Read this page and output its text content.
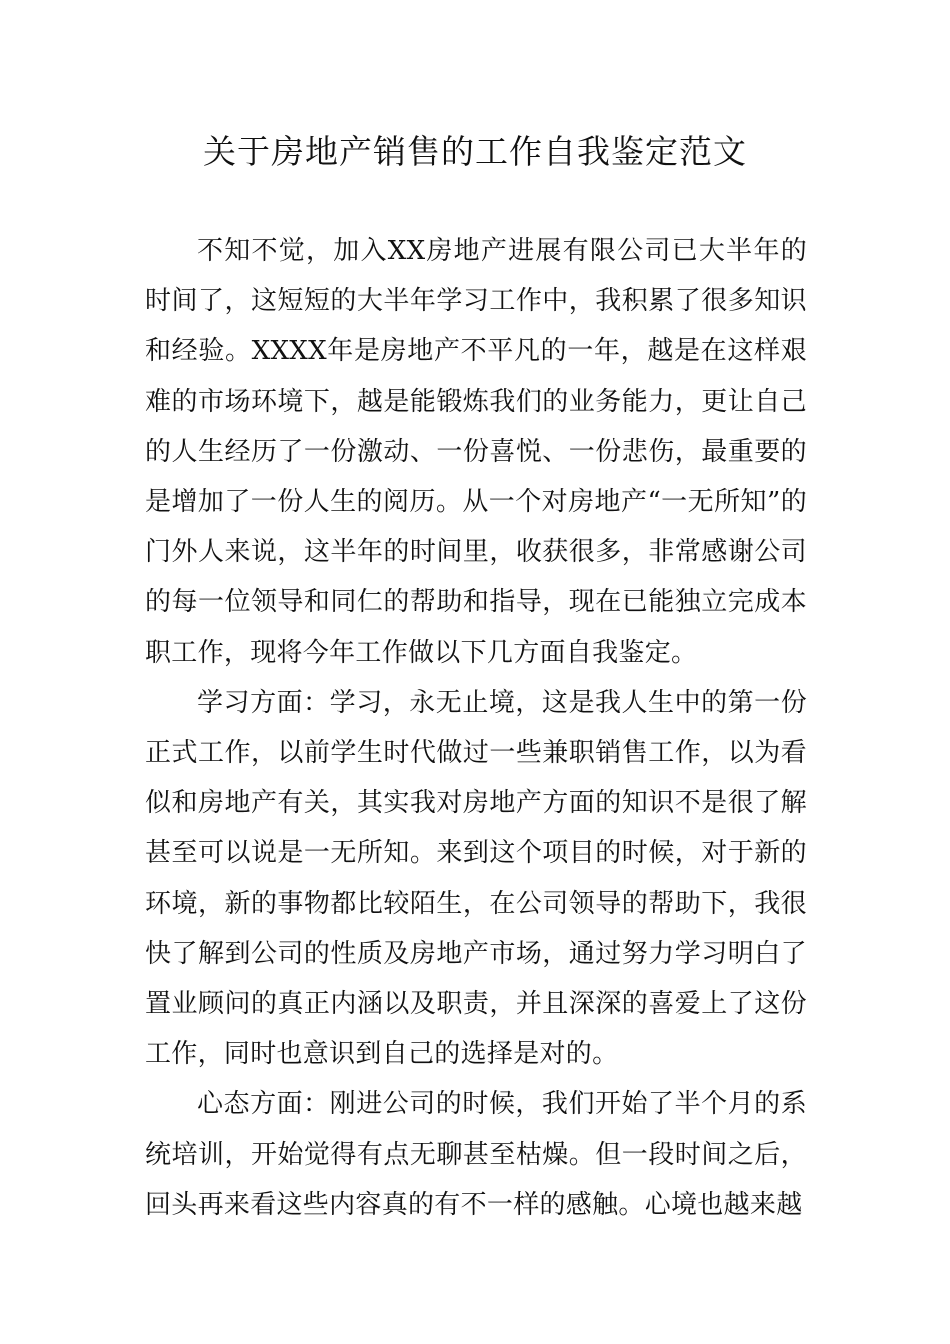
关于房地产销售的工作自我鉴定范文

不知不觉，加入XX房地产进展有限公司已大半年的时间了，这短短的大半年学习工作中，我积累了很多知识和经验。XXXX年是房地产不平凡的一年，越是在这样艰难的市场环境下，越是能锻炼我们的业务能力，更让自己的人生经历了一份激动、一份喜悦、一份悲伤，最重要的是增加了一份人生的阅历。从一个对房地产“一无所知”的门外人来说，这半年的时间里，收获很多，非常感谢公司的每一位领导和同仁的帮助和指导，现在已能独立完成本职工作，现将今年工作做以下几方面自我鉴定。

学习方面：学习，永无止境，这是我人生中的第一份正式工作，以前学生时代做过一些兼职销售工作，以为看似和房地产有关，其实我对房地产方面的知识不是很了解甚至可以说是一无所知。来到这个项目的时候，对于新的环境，新的事物都比较陌生，在公司领导的帮助下，我很快了解到公司的性质及房地产市场，通过努力学习明白了置业顾问的真正内涵以及职责，并且深深的喜爱上了这份工作，同时也意识到自己的选择是对的。

心态方面：刚进公司的时候，我们开始了半个月的系统培训，开始觉得有点无聊甚至枯燥。但一段时间之后，回头再来看这些内容真的有不一样的感触。心境也越来越
